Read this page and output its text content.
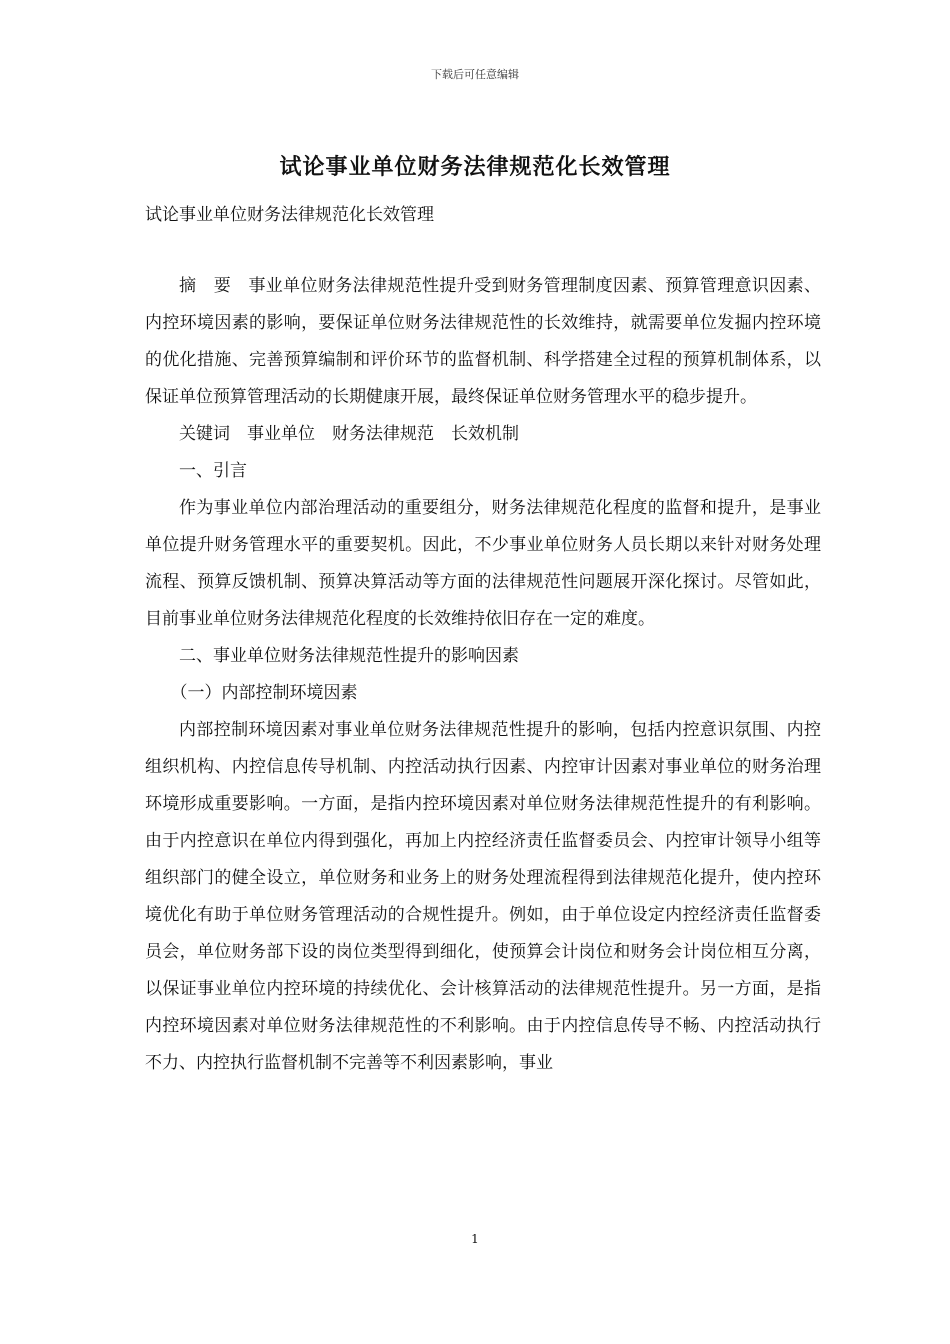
下载后可任意编辑
试论事业单位财务法律规范化长效管理
试论事业单位财务法律规范化长效管理

摘　要　事业单位财务法律规范性提升受到财务管理制度因素、预算管理意识因素、内控环境因素的影响，要保证单位财务法律规范性的长效维持，就需要单位发掘内控环境的优化措施、完善预算编制和评价环节的监督机制、科学搭建全过程的预算机制体系，以保证单位预算管理活动的长期健康开展，最终保证单位财务管理水平的稳步提升。

关键词　事业单位　财务法律规范　长效机制

一、引言

作为事业单位内部治理活动的重要组分，财务法律规范化程度的监督和提升，是事业单位提升财务管理水平的重要契机。因此，不少事业单位财务人员长期以来针对财务处理流程、预算反馈机制、预算决算活动等方面的法律规范性问题展开深化探讨。尽管如此，目前事业单位财务法律规范化程度的长效维持依旧存在一定的难度。

二、事业单位财务法律规范性提升的影响因素

（一）内部控制环境因素

内部控制环境因素对事业单位财务法律规范性提升的影响，包括内控意识氛围、内控组织机构、内控信息传导机制、内控活动执行因素、内控审计因素对事业单位的财务治理环境形成重要影响。一方面，是指内控环境因素对单位财务法律规范性提升的有利影响。由于内控意识在单位内得到强化，再加上内控经济责任监督委员会、内控审计领导小组等组织部门的健全设立，单位财务和业务上的财务处理流程得到法律规范化提升，使内控环境优化有助于单位财务管理活动的合规性提升。例如，由于单位设定内控经济责任监督委员会，单位财务部下设的岗位类型得到细化，使预算会计岗位和财务会计岗位相互分离，以保证事业单位内控环境的持续优化、会计核算活动的法律规范性提升。另一方面，是指内控环境因素对单位财务法律规范性的不利影响。由于内控信息传导不畅、内控活动执行不力、内控执行监督机制不完善等不利因素影响，事业

1
